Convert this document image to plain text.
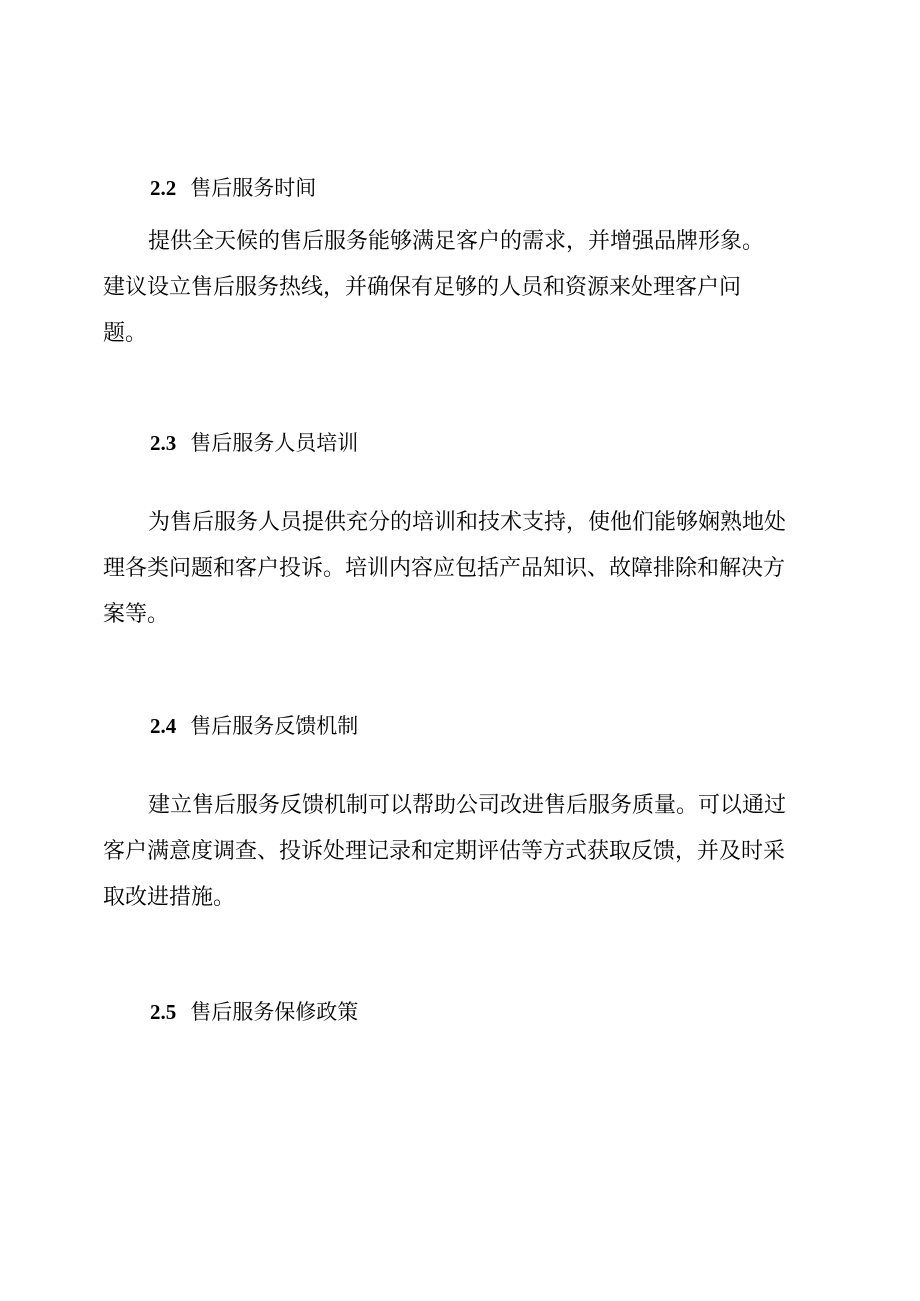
2.2 售后服务时间
提供全天候的售后服务能够满足客户的需求，并增强品牌形象。
建议设立售后服务热线，并确保有足够的人员和资源来处理客户问
题。
2.3 售后服务人员培训
为售后服务人员提供充分的培训和技术支持，使他们能够娴熟地处
理各类问题和客户投诉。培训内容应包括产品知识、故障排除和解决方
案等。
2.4 售后服务反馈机制
建立售后服务反馈机制可以帮助公司改进售后服务质量。可以通过
客户满意度调查、投诉处理记录和定期评估等方式获取反馈，并及时采
取改进措施。
2.5 售后服务保修政策
